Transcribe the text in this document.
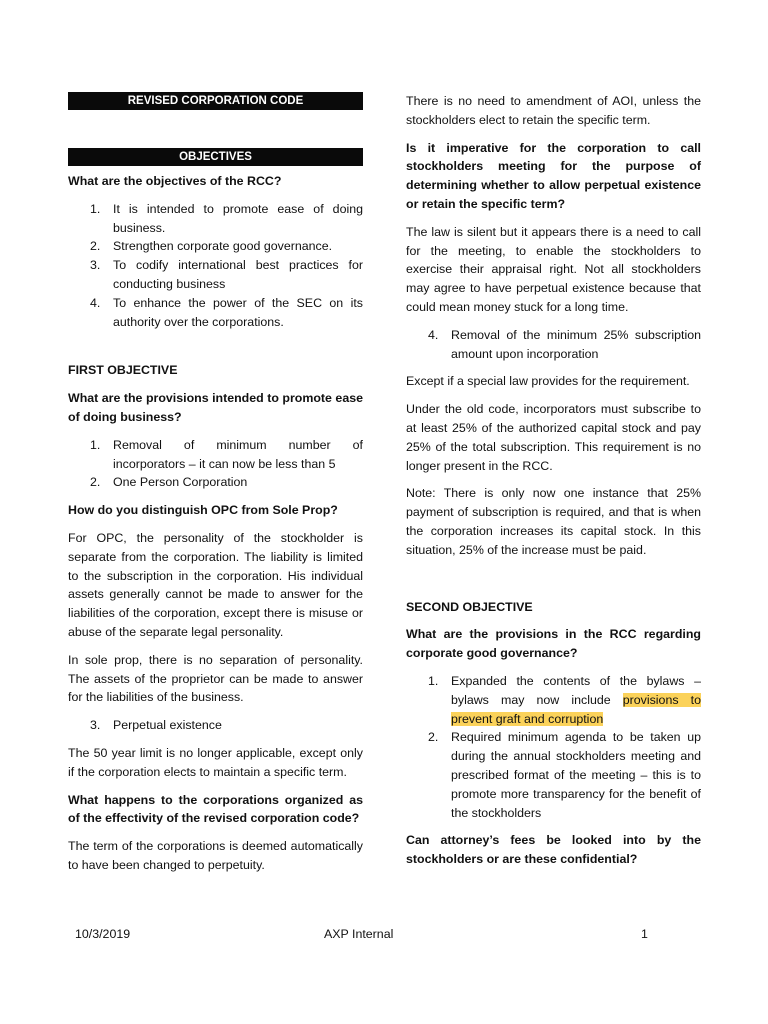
REVISED CORPORATION CODE
OBJECTIVES

What are the objectives of the RCC?

1. It is intended to promote ease of doing business.
2. Strengthen corporate good governance.
3. To codify international best practices for conducting business
4. To enhance the power of the SEC on its authority over the corporations.

FIRST OBJECTIVE

What are the provisions intended to promote ease of doing business?

1. Removal of minimum number of incorporators – it can now be less than 5
2. One Person Corporation

How do you distinguish OPC from Sole Prop?

For OPC, the personality of the stockholder is separate from the corporation. The liability is limited to the subscription in the corporation. His individual assets generally cannot be made to answer for the liabilities of the corporation, except there is misuse or abuse of the separate legal personality.

In sole prop, there is no separation of personality. The assets of the proprietor can be made to answer for the liabilities of the business.

3. Perpetual existence

The 50 year limit is no longer applicable, except only if the corporation elects to maintain a specific term.

What happens to the corporations organized as of the effectivity of the revised corporation code?

The term of the corporations is deemed automatically to have been changed to perpetuity.

There is no need to amendment of AOI, unless the stockholders elect to retain the specific term.

Is it imperative for the corporation to call stockholders meeting for the purpose of determining whether to allow perpetual existence or retain the specific term?

The law is silent but it appears there is a need to call for the meeting, to enable the stockholders to exercise their appraisal right. Not all stockholders may agree to have perpetual existence because that could mean money stuck for a long time.

4. Removal of the minimum 25% subscription amount upon incorporation

Except if a special law provides for the requirement.

Under the old code, incorporators must subscribe to at least 25% of the authorized capital stock and pay 25% of the total subscription. This requirement is no longer present in the RCC.

Note: There is only now one instance that 25% payment of subscription is required, and that is when the corporation increases its capital stock. In this situation, 25% of the increase must be paid.

SECOND OBJECTIVE

What are the provisions in the RCC regarding corporate good governance?

1. Expanded the contents of the bylaws – bylaws may now include provisions to prevent graft and corruption
2. Required minimum agenda to be taken up during the annual stockholders meeting and prescribed format of the meeting – this is to promote more transparency for the benefit of the stockholders

Can attorney’s fees be looked into by the stockholders or are these confidential?

10/3/2019	AXP Internal	1
